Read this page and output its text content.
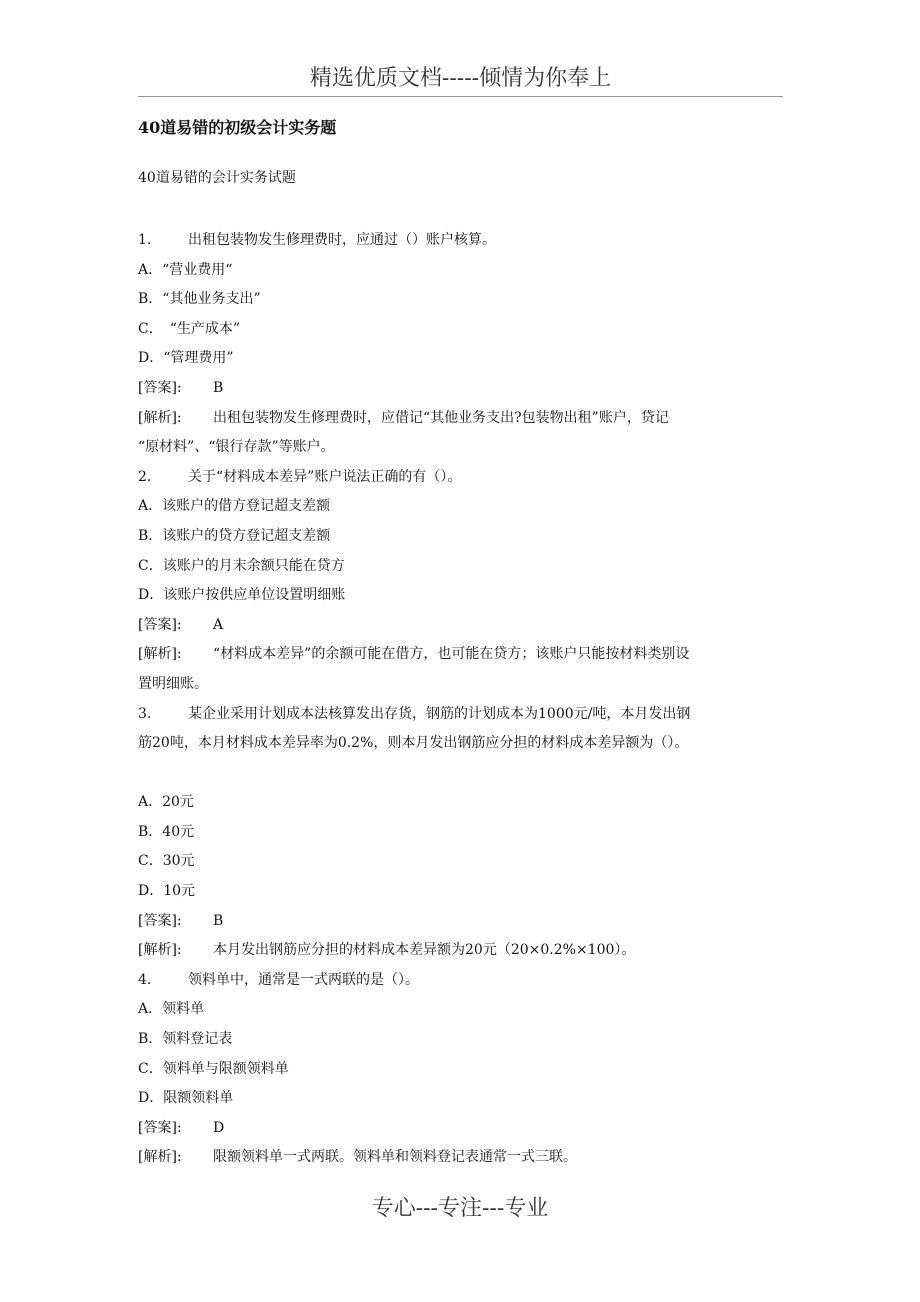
精选优质文档-----倾情为你奉上
40道易错的初级会计实务题
40道易错的会计实务试题
1.	出租包装物发生修理费时，应通过（）账户核算。
A．“营业费用“
B．“其他业务支出”
C．　“生产成本”
D．“管理费用”
[答案]: B
[解析]: 出租包装物发生修理费时，应借记“其他业务支出?包装物出租”账户，贷记
“原材料”、“银行存款”等账户。
2.	关于“材料成本差异”账户说法正确的有（）。
A．该账户的借方登记超支差额
B．该账户的贷方登记超支差额
C．该账户的月末余额只能在贷方
D．该账户按供应单位设置明细账
[答案]: A
[解析]: “材料成本差异”的余额可能在借方，也可能在贷方；该账户只能按材料类别设
置明细账。
3.	某企业采用计划成本法核算发出存货，钢筋的计划成本为1000元/吨，本月发出钢
筋20吨，本月材料成本差异率为0.2%，则本月发出钢筋应分担的材料成本差异额为（）。
A．20元
B．40元
C．30元
D．10元
[答案]: B
[解析]: 本月发出钢筋应分担的材料成本差异额为20元（20×0.2%×100）。
4.	领料单中，通常是一式两联的是（）。
A．领料单
B．领料登记表
C．领料单与限额领料单
D．限额领料单
[答案]: D
[解析]: 限额领料单一式两联。领料单和领料登记表通常一式三联。
专心---专注---专业
